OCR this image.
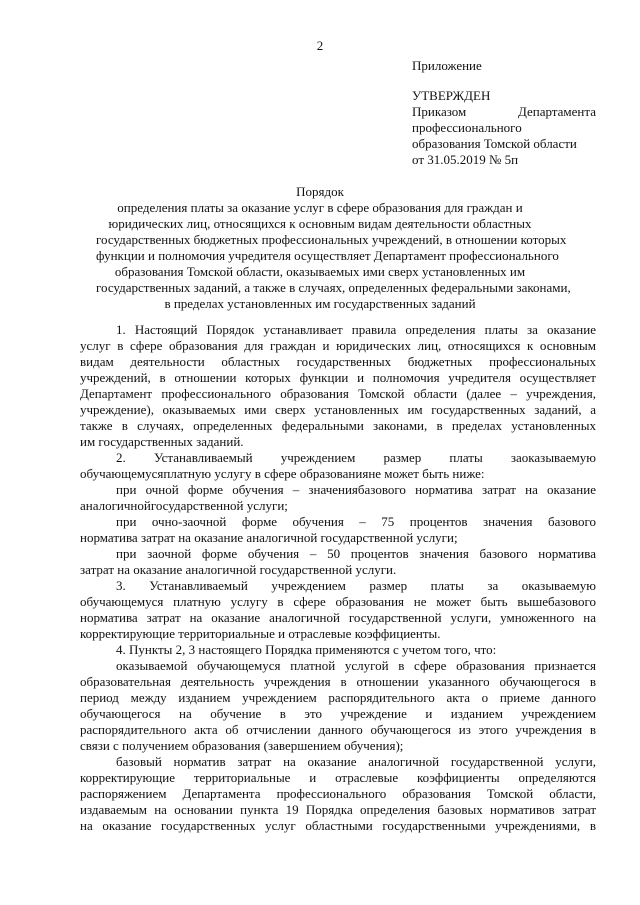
2
Приложение
УТВЕРЖДЕН
Приказом Департамента
профессионального
образования Томской области
от 31.05.2019 № 5п
Порядок
определения платы за оказание услуг в сфере образования для граждан и
юридических лиц, относящихся к основным видам деятельности областных
государственных бюджетных профессиональных учреждений, в отношении которых
функции и полномочия учредителя осуществляет Департамент профессионального
образования Томской области, оказываемых ими сверх установленных им
государственных заданий, а также в случаях, определенных федеральными законами,
в пределах установленных им государственных заданий
1. Настоящий Порядок устанавливает правила определения платы за оказание
услуг в сфере образования для граждан и юридических лиц, относящихся к основным
видам деятельности областных государственных бюджетных профессиональных
учреждений, в отношении которых функции и полномочия учредителя осуществляет
Департамент профессионального образования Томской области (далее – учреждения,
учреждение), оказываемых ими сверх установленных им государственных заданий, а
также в случаях, определенных федеральными законами, в пределах установленных
им государственных заданий.
2. Устанавливаемый учреждением размер платы заоказываемую
обучающемусяплатную услугу в сфере образованияне может быть ниже:
при очной форме обучения – значениябазового норматива затрат на оказание
аналогичнойгосударственной услуги;
при очно-заочной форме обучения – 75 процентов значения базового
норматива затрат на оказание аналогичной государственной услуги;
при заочной форме обучения – 50 процентов значения базового норматива
затрат на оказание аналогичной государственной услуги.
3. Устанавливаемый учреждением размер платы за оказываемую
обучающемуся платную услугу в сфере образования не может быть вышебазового
норматива затрат на оказание аналогичной государственной услуги, умноженного на
корректирующие территориальные и отраслевые коэффициенты.
4. Пункты 2, 3 настоящего Порядка применяются с учетом того, что:
оказываемой обучающемуся платной услугой в сфере образования признается
образовательная деятельность учреждения в отношении указанного обучающегося в
период между изданием учреждением распорядительного акта о приеме данного
обучающегося на обучение в это учреждение и изданием учреждением
распорядительного акта об отчислении данного обучающегося из этого учреждения в
связи с получением образования (завершением обучения);
базовый норматив затрат на оказание аналогичной государственной услуги,
корректирующие территориальные и отраслевые коэффициенты определяются
распоряжением Департамента профессионального образования Томской области,
издаваемым на основании пункта 19 Порядка определения базовых нормативов затрат
на оказание государственных услуг областными государственными учреждениями, в
